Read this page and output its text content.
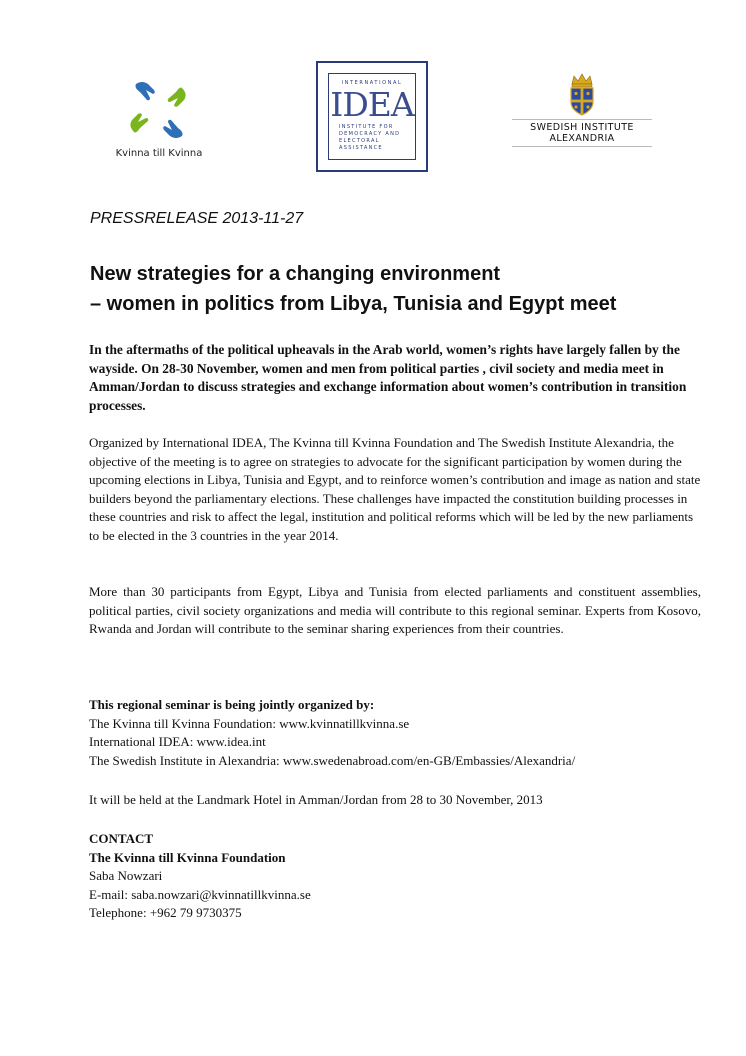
Kvinna till Kvinna
INTERNATIONAL
IDEA
INSTITUTE FOR
DEMOCRACY AND
ELECTORAL
ASSISTANCE
SWEDISH INSTITUTE
ALEXANDRIA
PRESSRELEASE 2013-11-27
New strategies for a changing environment
– women in politics from Libya, Tunisia and Egypt meet

In the aftermaths of the political upheavals in the Arab world, women’s rights have largely fallen by the wayside. On 28-30 November, women and men from political parties , civil society and media meet in Amman/Jordan to discuss strategies and exchange information about women’s contribution in transition processes.

Organized by International IDEA, The Kvinna till Kvinna Foundation and The Swedish Institute Alexandria, the objective of the meeting is to agree on strategies to advocate for the significant participation by women during the upcoming elections in Libya, Tunisia and Egypt, and to reinforce women’s contribution and image as nation and state builders beyond the parliamentary elections. These challenges have impacted the constitution building processes in these countries and risk to affect the legal, institution and political reforms which will be led by the new parliaments to be elected in the 3 countries in the year 2014.

More than 30 participants from Egypt, Libya and Tunisia from elected parliaments and constituent assemblies, political parties, civil society organizations and media will contribute to this regional seminar. Experts from Kosovo, Rwanda and Jordan will contribute to the seminar sharing experiences from their countries.

This regional seminar is being jointly organized by:
The Kvinna till Kvinna Foundation: www.kvinnatillkvinna.se
International IDEA: www.idea.int
The Swedish Institute in Alexandria: www.swedenabroad.com/en-GB/Embassies/Alexandria/
It will be held at the Landmark Hotel in Amman/Jordan from 28 to 30 November, 2013
CONTACT
The Kvinna till Kvinna Foundation
Saba Nowzari
E-mail: saba.nowzari@kvinnatillkvinna.se
Telephone: +962 79 9730375
